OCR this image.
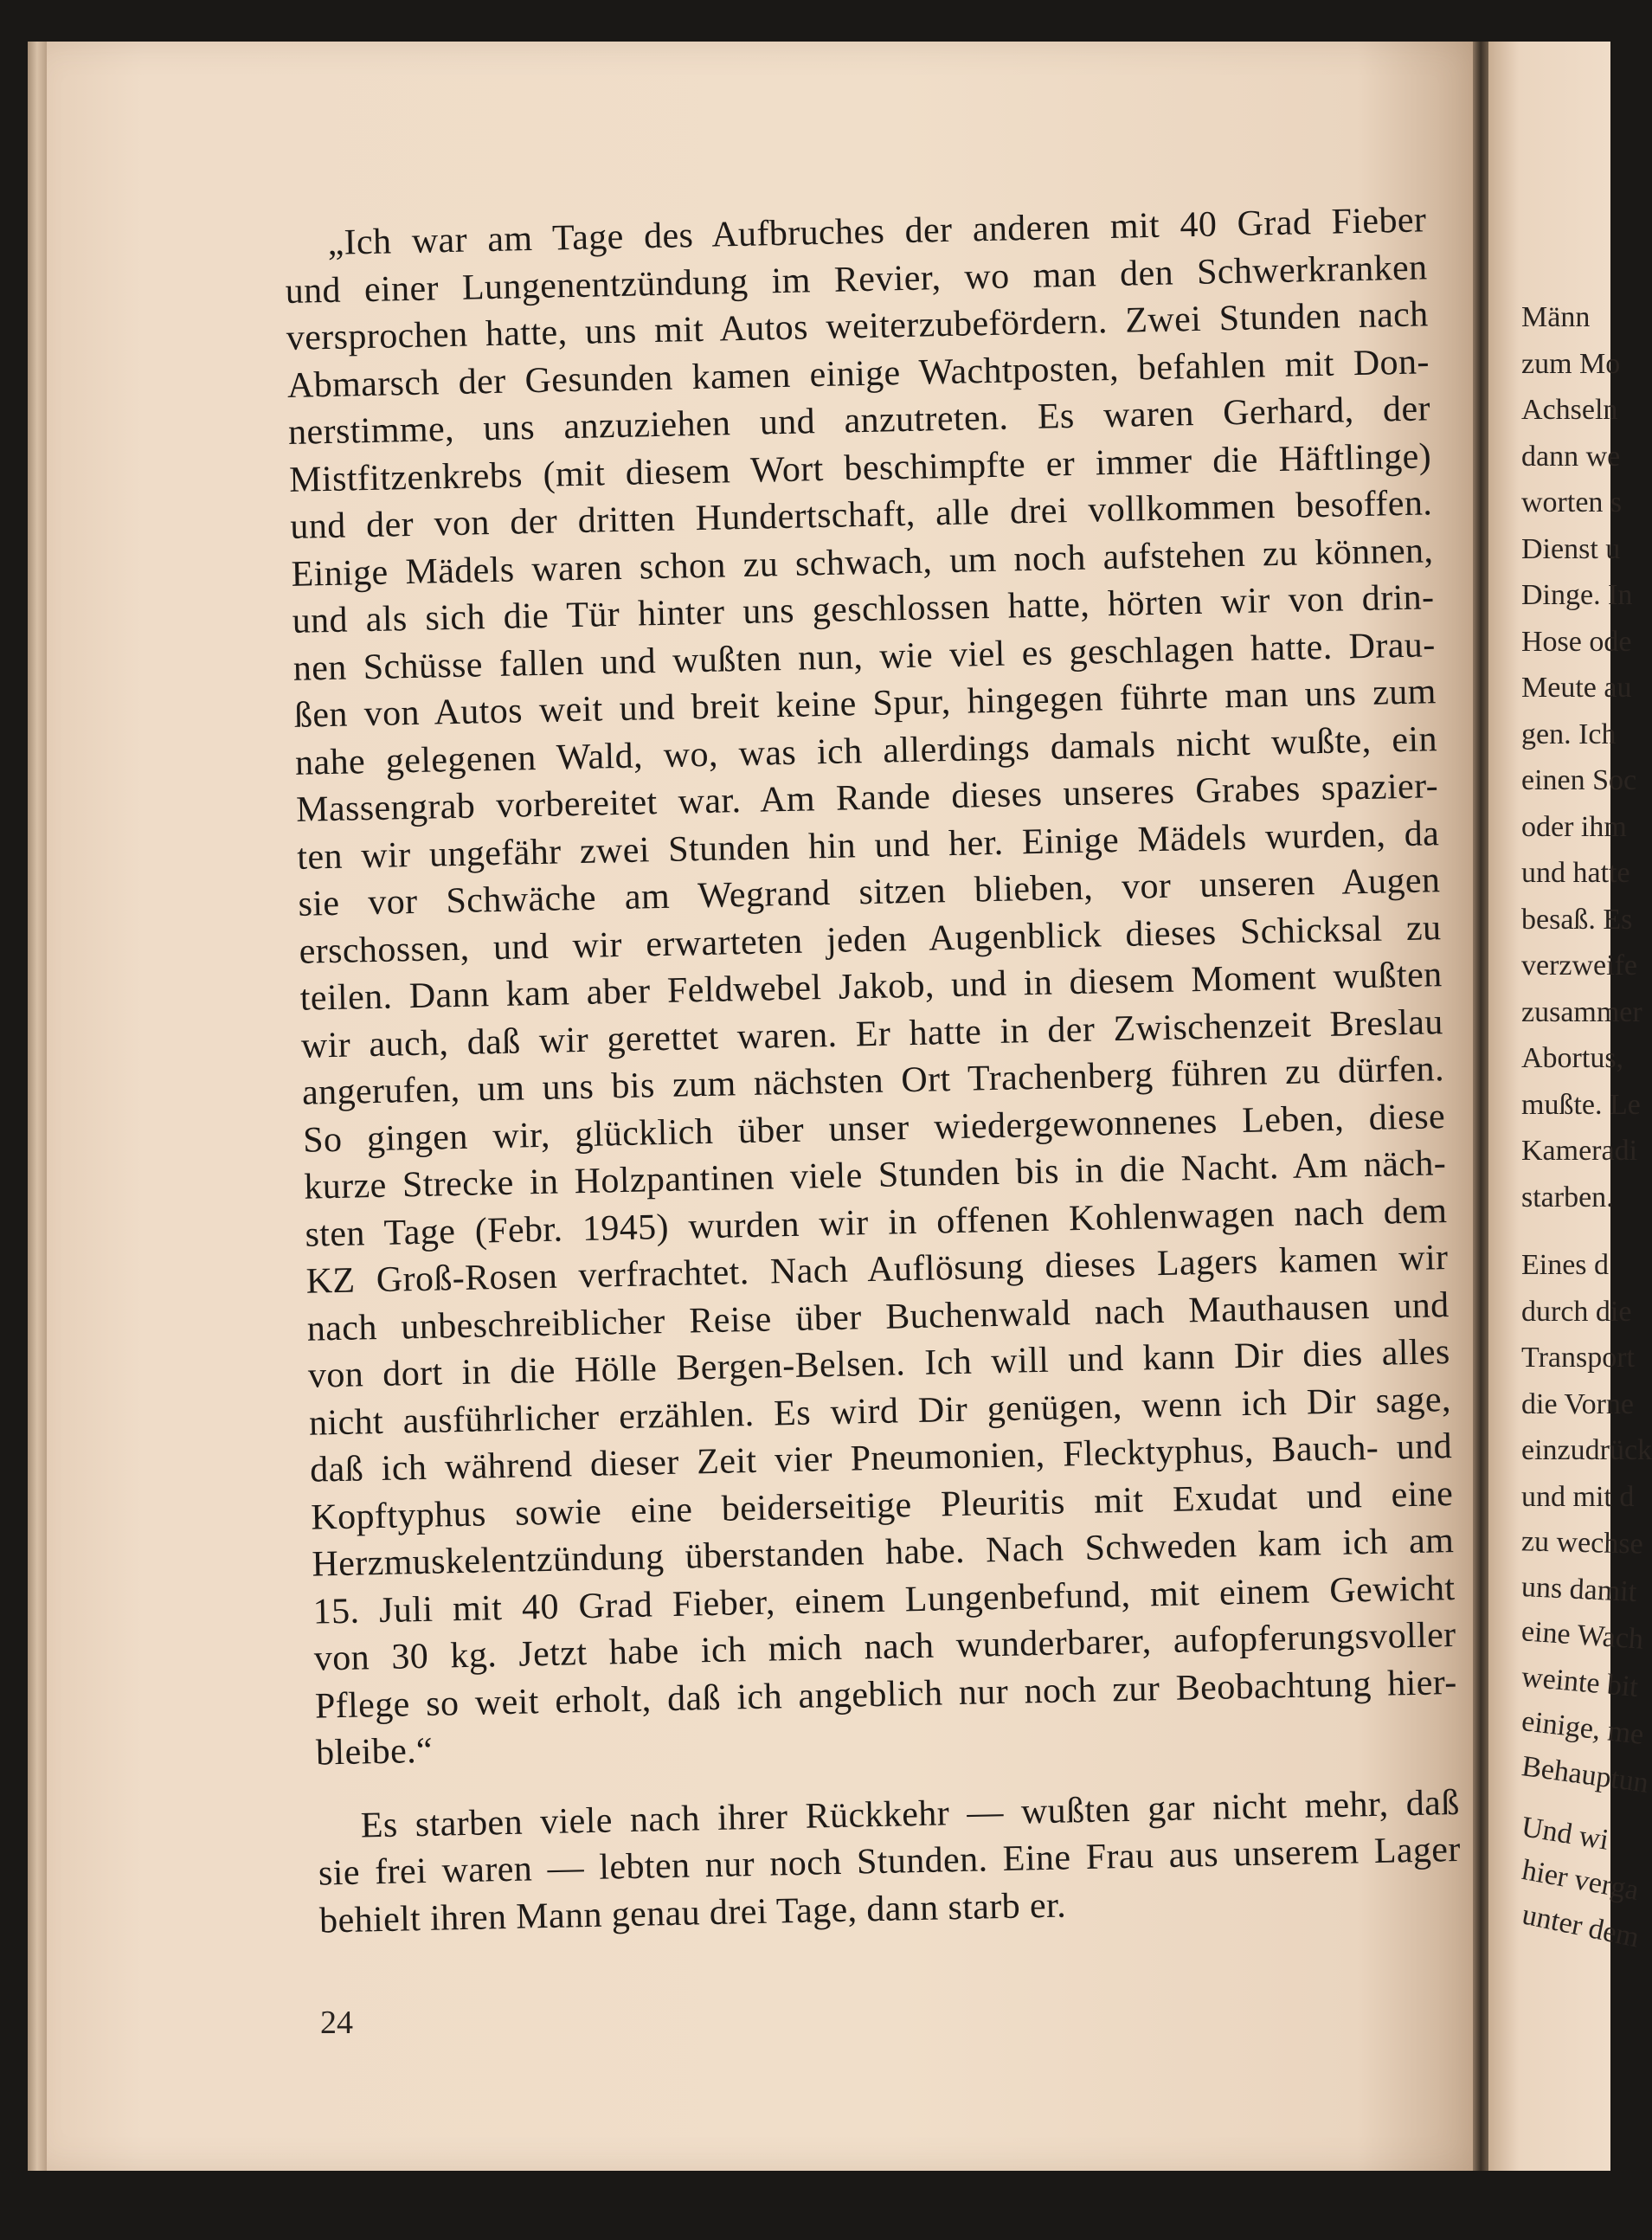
Männ
zum Mo
Achseln
dann we
worten s
Dienst u
Dinge. In
Hose ode
Meute au
gen. Ich
einen Soc
oder ihm
und hatte
besaß. Es
verzweife
zusammer
Abortus,
mußte. Le
Kameradi
starben.
Eines d
durch die
Transport
die Vorne
einzudrück
und mit d
zu wechse
uns damit
eine Wach
weinte bit
einige, me
Behauptun
Und wi
hier verga
unter dem
„Ich war am Tage des Aufbruches der anderen mit 40 Grad Fieber
und einer Lungenentzündung im Revier, wo man den Schwerkranken
versprochen hatte, uns mit Autos weiterzubefördern. Zwei Stunden nach
Abmarsch der Gesunden kamen einige Wachtposten, befahlen mit Don-
nerstimme, uns anzuziehen und anzutreten. Es waren Gerhard, der
Mistfitzenkrebs (mit diesem Wort beschimpfte er immer die Häftlinge)
und der von der dritten Hundertschaft, alle drei vollkommen besoffen.
Einige Mädels waren schon zu schwach, um noch aufstehen zu können,
und als sich die Tür hinter uns geschlossen hatte, hörten wir von drin-
nen Schüsse fallen und wußten nun, wie viel es geschlagen hatte. Drau-
ßen von Autos weit und breit keine Spur, hingegen führte man uns zum
nahe gelegenen Wald, wo, was ich allerdings damals nicht wußte, ein
Massengrab vorbereitet war. Am Rande dieses unseres Grabes spazier-
ten wir ungefähr zwei Stunden hin und her. Einige Mädels wurden, da
sie vor Schwäche am Wegrand sitzen blieben, vor unseren Augen
erschossen, und wir erwarteten jeden Augenblick dieses Schicksal zu
teilen. Dann kam aber Feldwebel Jakob, und in diesem Moment wußten
wir auch, daß wir gerettet waren. Er hatte in der Zwischenzeit Breslau
angerufen, um uns bis zum nächsten Ort Trachenberg führen zu dürfen.
So gingen wir, glücklich über unser wiedergewonnenes Leben, diese
kurze Strecke in Holzpantinen viele Stunden bis in die Nacht. Am näch-
sten Tage (Febr. 1945) wurden wir in offenen Kohlenwagen nach dem
KZ Groß-Rosen verfrachtet. Nach Auflösung dieses Lagers kamen wir
nach unbeschreiblicher Reise über Buchenwald nach Mauthausen und
von dort in die Hölle Bergen-Belsen. Ich will und kann Dir dies alles
nicht ausführlicher erzählen. Es wird Dir genügen, wenn ich Dir sage,
daß ich während dieser Zeit vier Pneumonien, Flecktyphus, Bauch- und
Kopftyphus sowie eine beiderseitige Pleuritis mit Exudat und eine
Herzmuskelentzündung überstanden habe. Nach Schweden kam ich am
15. Juli mit 40 Grad Fieber, einem Lungenbefund, mit einem Gewicht
von 30 kg. Jetzt habe ich mich nach wunderbarer, aufopferungsvoller
Pflege so weit erholt, daß ich angeblich nur noch zur Beobachtung hier-
bleibe.“
Es starben viele nach ihrer Rückkehr — wußten gar nicht mehr, daß
sie frei waren — lebten nur noch Stunden. Eine Frau aus unserem Lager
behielt ihren Mann genau drei Tage, dann starb er.
24
